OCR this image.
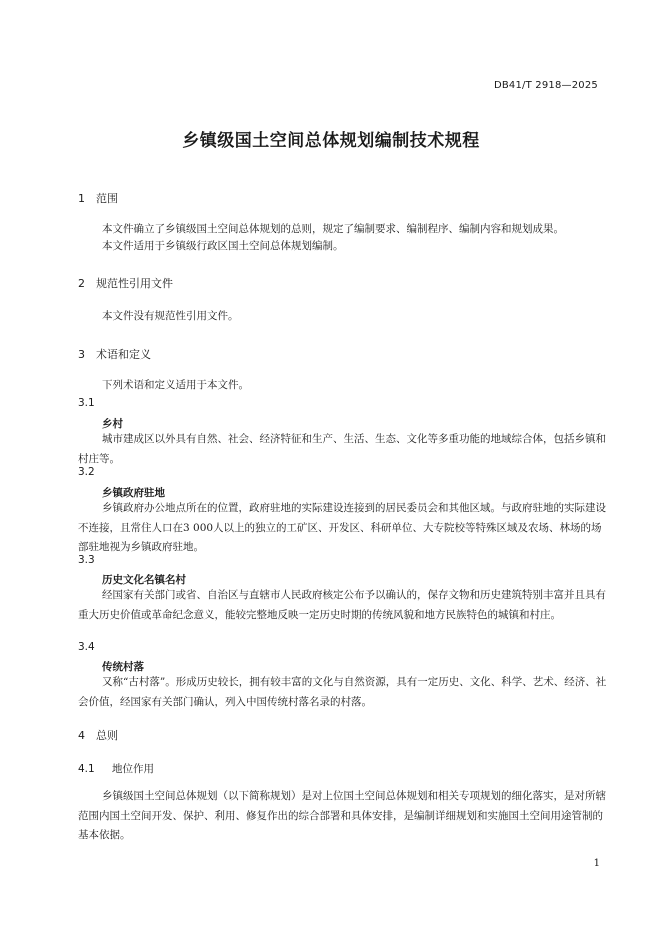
DB41/T 2918—2025
乡镇级国土空间总体规划编制技术规程
1 范围
本文件确立了乡镇级国土空间总体规划的总则，规定了编制要求、编制程序、编制内容和规划成果。
本文件适用于乡镇级行政区国土空间总体规划编制。
2 规范性引用文件
本文件没有规范性引用文件。
3 术语和定义
下列术语和定义适用于本文件。
3.1
乡村
城市建成区以外具有自然、社会、经济特征和生产、生活、生态、文化等多重功能的地域综合体，包括乡镇和村庄等。
3.2
乡镇政府驻地
乡镇政府办公地点所在的位置，政府驻地的实际建设连接到的居民委员会和其他区域。与政府驻地的实际建设不连接，且常住人口在3 000人以上的独立的工矿区、开发区、科研单位、大专院校等特殊区域及农场、林场的场部驻地视为乡镇政府驻地。
3.3
历史文化名镇名村
经国家有关部门或省、自治区与直辖市人民政府核定公布予以确认的，保存文物和历史建筑特别丰富并且具有重大历史价值或革命纪念意义，能较完整地反映一定历史时期的传统风貌和地方民族特色的城镇和村庄。
3.4
传统村落
又称“古村落”。形成历史较长，拥有较丰富的文化与自然资源，具有一定历史、文化、科学、艺术、经济、社会价值，经国家有关部门确认，列入中国传统村落名录的村落。
4 总则
4.1 地位作用
乡镇级国土空间总体规划（以下简称规划）是对上位国土空间总体规划和相关专项规划的细化落实，是对所辖范围内国土空间开发、保护、利用、修复作出的综合部署和具体安排，是编制详细规划和实施国土空间用途管制的基本依据。
1
